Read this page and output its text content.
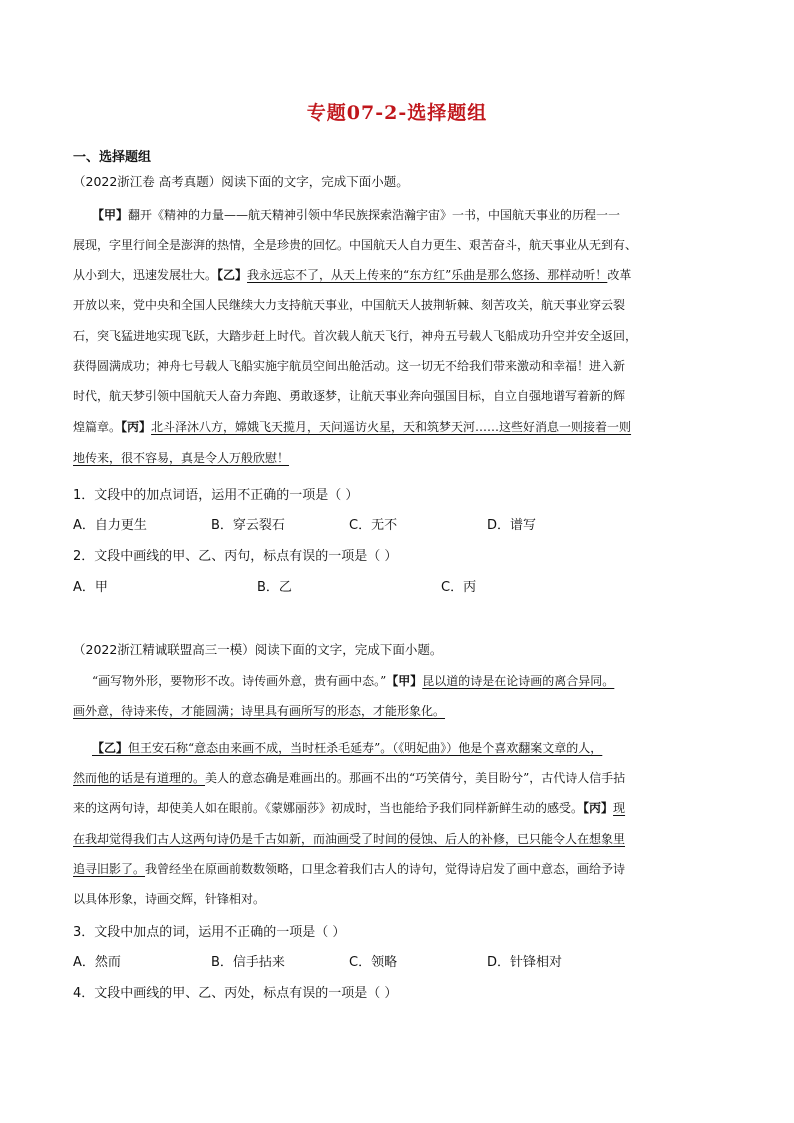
专题07-2-选择题组
一、选择题组
（2022浙江卷 高考真题）阅读下面的文字，完成下面小题。
【甲】翻开《精神的力量——航天精神引领中华民族探索浩瀚宇宙》一书，中国航天事业的历程一一
展现，字里行间全是澎湃的热情，全是珍贵的回忆。中国航天人自力更生、艰苦奋斗，航天事业从无到有、
从小到大，迅速发展壮大。【乙】我永远忘不了，从天上传来的“东方红”乐曲是那么悠扬、那样动听！改革
开放以来，党中央和全国人民继续大力支持航天事业，中国航天人披荆斩棘、刻苦攻关，航天事业穿云裂
石，突飞猛进地实现飞跃，大踏步赶上时代。首次载人航天飞行，神舟五号载人飞船成功升空并安全返回，
获得圆满成功；神舟七号载人飞船实施宇航员空间出舱活动。这一切无不给我们带来激动和幸福！进入新
时代，航天梦引领中国航天人奋力奔跑、勇敢逐梦，让航天事业奔向强国目标，自立自强地谱写着新的辉
煌篇章。【丙】北斗泽沐八方，嫦娥飞天揽月，天问遥访火星，天和筑梦天河……这些好消息一则接着一则
地传来，很不容易，真是令人万般欣慰！
1．文段中的加点词语，运用不正确的一项是（ ）
A．自力更生	B．穿云裂石	C．无不	D．谱写
2．文段中画线的甲、乙、丙句，标点有误的一项是（ ）
A．甲	B．乙	C．丙
（2022浙江精诚联盟高三一模）阅读下面的文字，完成下面小题。
“画写物外形，要物形不改。诗传画外意，贵有画中态。”【甲】昆以道的诗是在论诗画的离合异同。
画外意，待诗来传，才能圆满；诗里具有画所写的形态，才能形象化。
【乙】但王安石称“意态由来画不成，当时枉杀毛延寿”。（《明妃曲》）他是个喜欢翻案文章的人，
然而他的话是有道理的。美人的意态确是难画出的。那画不出的“巧笑倩兮，美目盼兮”，古代诗人信手拈
来的这两句诗，却使美人如在眼前。《蒙娜丽莎》初成时，当也能给予我们同样新鲜生动的感受。【丙】现
在我却觉得我们古人这两句诗仍是千古如新，而油画受了时间的侵蚀、后人的补修，已只能令人在想象里
追寻旧影了。我曾经坐在原画前数数领略，口里念着我们古人的诗句，觉得诗启发了画中意态，画给予诗
以具体形象，诗画交辉，针锋相对。
3．文段中加点的词，运用不正确的一项是（ ）
A．然而	B．信手拈来	C．领略	D．针锋相对
4．文段中画线的甲、乙、丙处，标点有误的一项是（ ）
